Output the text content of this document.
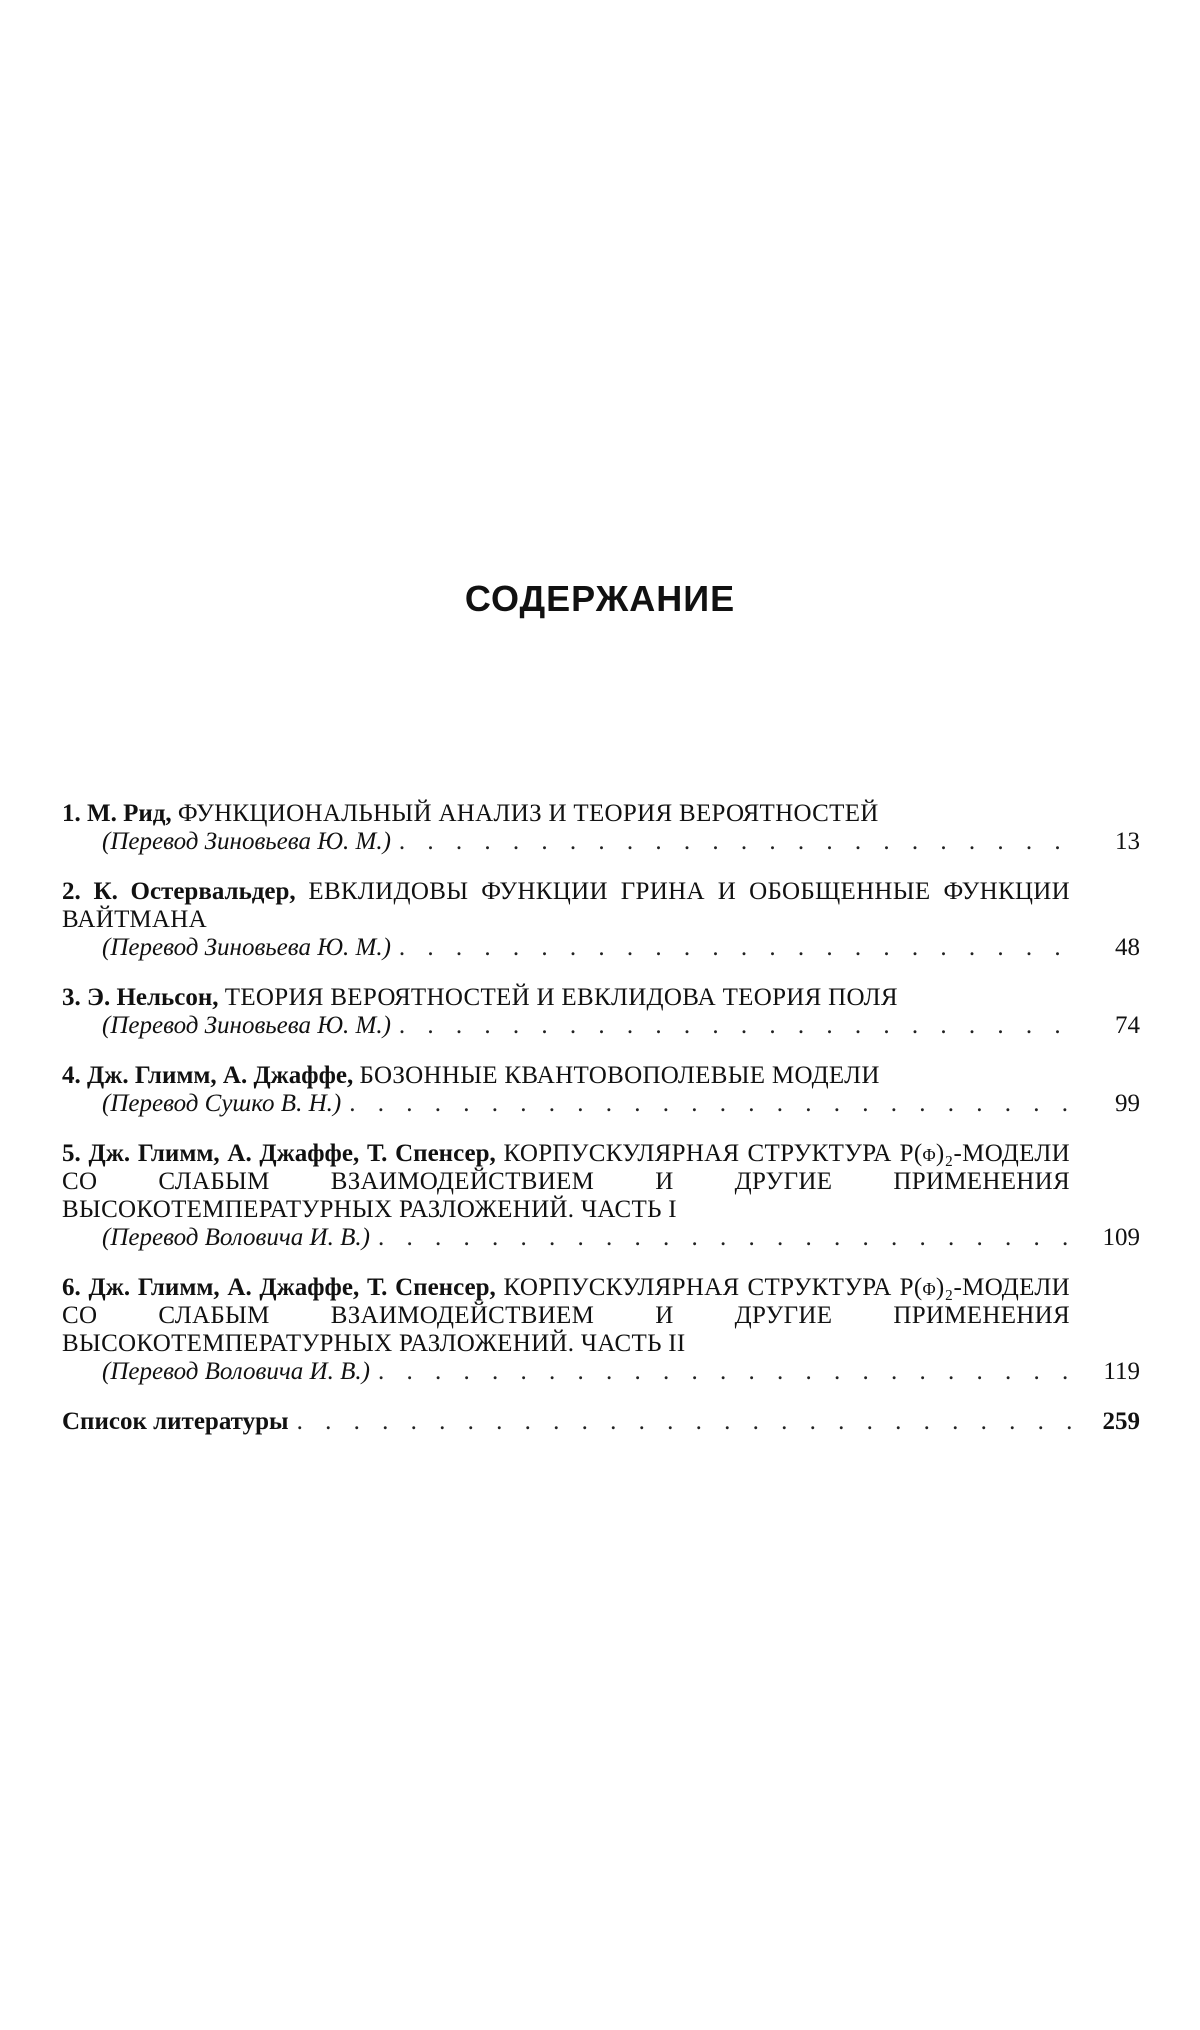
СОДЕРЖАНИЕ
1. М. Рид, ФУНКЦИОНАЛЬНЫЙ АНАЛИЗ И ТЕОРИЯ ВЕРОЯТНОСТЕЙ
(Перевод Зиновьева Ю. М.) . . .	13
2. К. Остервальдер, ЕВКЛИДОВЫ ФУНКЦИИ ГРИНА И ОБОБЩЕННЫЕ ФУНКЦИИ ВАЙТМАНА
(Перевод Зиновьева Ю. М.) . . .	48
3. Э. Нельсон, ТЕОРИЯ ВЕРОЯТНОСТЕЙ И ЕВКЛИДОВА ТЕОРИЯ ПОЛЯ
(Перевод Зиновьева Ю. М.) . . .	74
4. Дж. Глимм, А. Джаффе, БОЗОННЫЕ КВАНТОВОПОЛЕВЫЕ МОДЕЛИ
(Перевод Сушко В. Н.) . . .	99
5. Дж. Глимм, А. Джаффе, Т. Спенсер, КОРПУСКУЛЯРНАЯ СТРУКТУРА P(φ)₂-МОДЕЛИ СО СЛАБЫМ ВЗАИМОДЕЙСТВИЕМ И ДРУГИЕ ПРИМЕНЕНИЯ ВЫСОКОТЕМПЕРАТУРНЫХ РАЗЛОЖЕНИЙ. ЧАСТЬ I
(Перевод Воловича И. В.) . . .	109
6. Дж. Глимм, А. Джаффе, Т. Спенсер, КОРПУСКУЛЯРНАЯ СТРУКТУРА P(φ)₂-МОДЕЛИ СО СЛАБЫМ ВЗАИМОДЕЙСТВИЕМ И ДРУГИЕ ПРИМЕНЕНИЯ ВЫСОКОТЕМПЕРАТУРНЫХ РАЗЛОЖЕНИЙ. ЧАСТЬ II
(Перевод Воловича И. В.) . . .	119
Список литературы . . .	259
